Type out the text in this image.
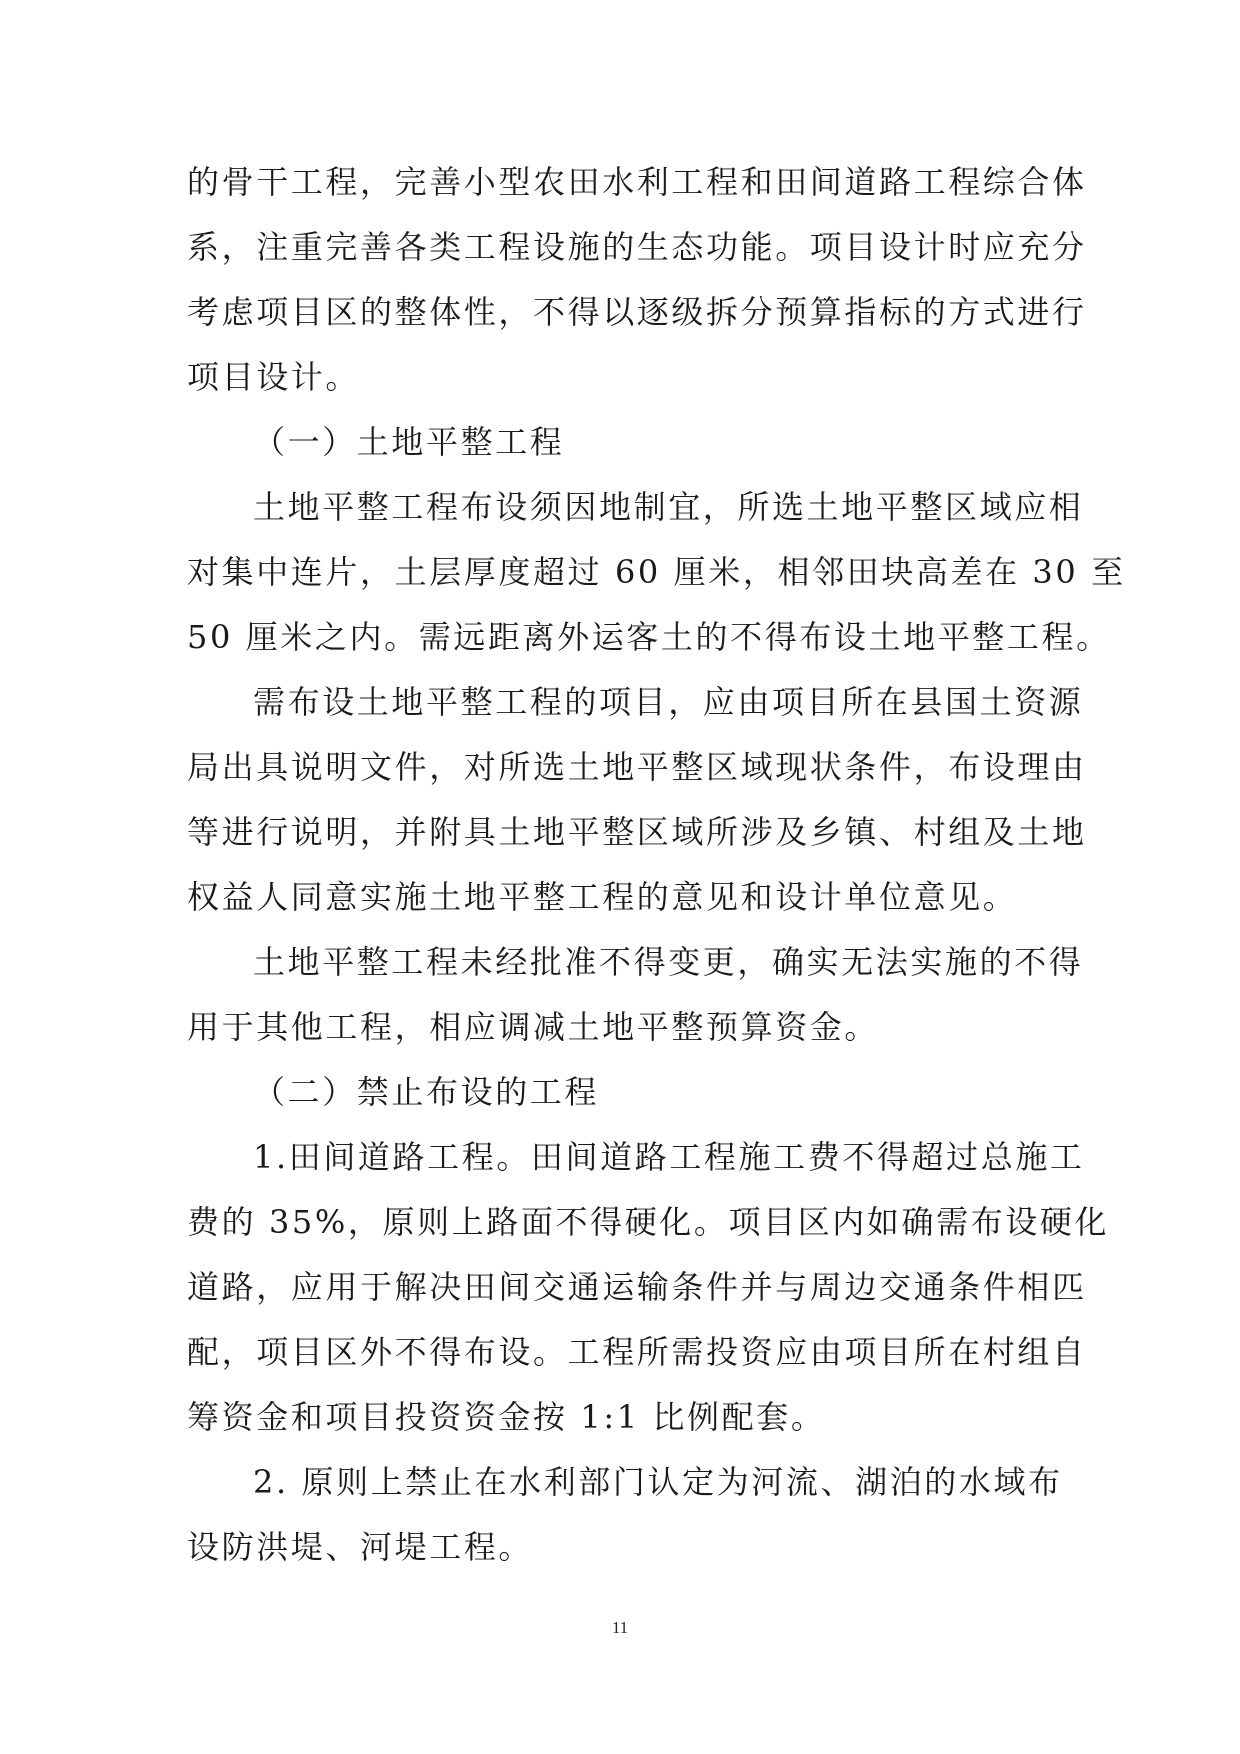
的骨干工程，完善小型农田水利工程和田间道路工程综合体
系，注重完善各类工程设施的生态功能。项目设计时应充分
考虑项目区的整体性，不得以逐级拆分预算指标的方式进行
项目设计。
（一）土地平整工程
土地平整工程布设须因地制宜，所选土地平整区域应相
对集中连片，土层厚度超过 60 厘米，相邻田块高差在 30 至
50 厘米之内。需远距离外运客土的不得布设土地平整工程。
需布设土地平整工程的项目，应由项目所在县国土资源
局出具说明文件，对所选土地平整区域现状条件，布设理由
等进行说明，并附具土地平整区域所涉及乡镇、村组及土地
权益人同意实施土地平整工程的意见和设计单位意见。
土地平整工程未经批准不得变更，确实无法实施的不得
用于其他工程，相应调减土地平整预算资金。
（二）禁止布设的工程
1.田间道路工程。田间道路工程施工费不得超过总施工
费的 35%，原则上路面不得硬化。项目区内如确需布设硬化
道路，应用于解决田间交通运输条件并与周边交通条件相匹
配，项目区外不得布设。工程所需投资应由项目所在村组自
筹资金和项目投资资金按 1:1 比例配套。
2. 原则上禁止在水利部门认定为河流、湖泊的水域布
设防洪堤、河堤工程。
11
